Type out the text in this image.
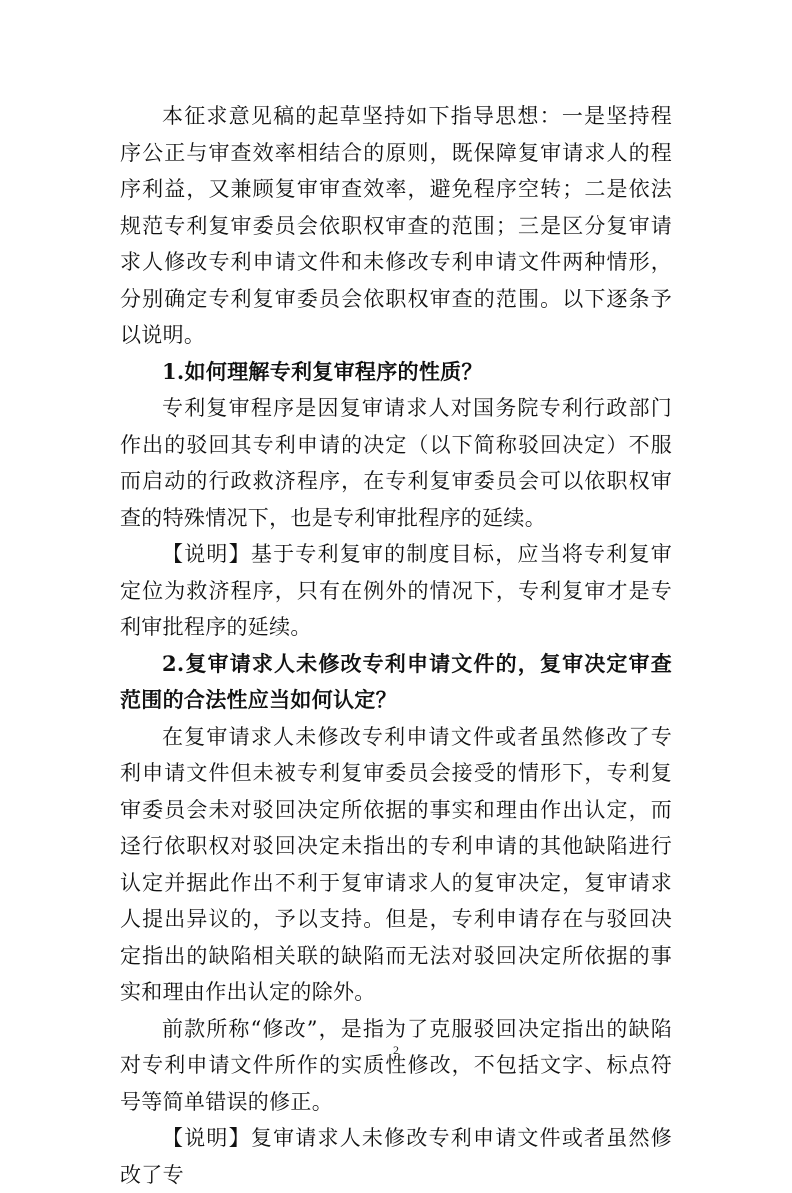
本征求意见稿的起草坚持如下指导思想：一是坚持程序公正与审查效率相结合的原则，既保障复审请求人的程序利益，又兼顾复审审查效率，避免程序空转；二是依法规范专利复审委员会依职权审查的范围；三是区分复审请求人修改专利申请文件和未修改专利申请文件两种情形，分别确定专利复审委员会依职权审查的范围。以下逐条予以说明。

1.如何理解专利复审程序的性质？

专利复审程序是因复审请求人对国务院专利行政部门作出的驳回其专利申请的决定（以下简称驳回决定）不服而启动的行政救济程序，在专利复审委员会可以依职权审查的特殊情况下，也是专利审批程序的延续。

【说明】基于专利复审的制度目标，应当将专利复审定位为救济程序，只有在例外的情况下，专利复审才是专利审批程序的延续。

2.复审请求人未修改专利申请文件的，复审决定审查范围的合法性应当如何认定？

在复审请求人未修改专利申请文件或者虽然修改了专利申请文件但未被专利复审委员会接受的情形下，专利复审委员会未对驳回决定所依据的事实和理由作出认定，而迳行依职权对驳回决定未指出的专利申请的其他缺陷进行认定并据此作出不利于复审请求人的复审决定，复审请求人提出异议的，予以支持。但是，专利申请存在与驳回决定指出的缺陷相关联的缺陷而无法对驳回决定所依据的事实和理由作出认定的除外。

前款所称“修改”，是指为了克服驳回决定指出的缺陷对专利申请文件所作的实质性修改，不包括文字、标点符号等简单错误的修正。

【说明】复审请求人未修改专利申请文件或者虽然修改了专

2
